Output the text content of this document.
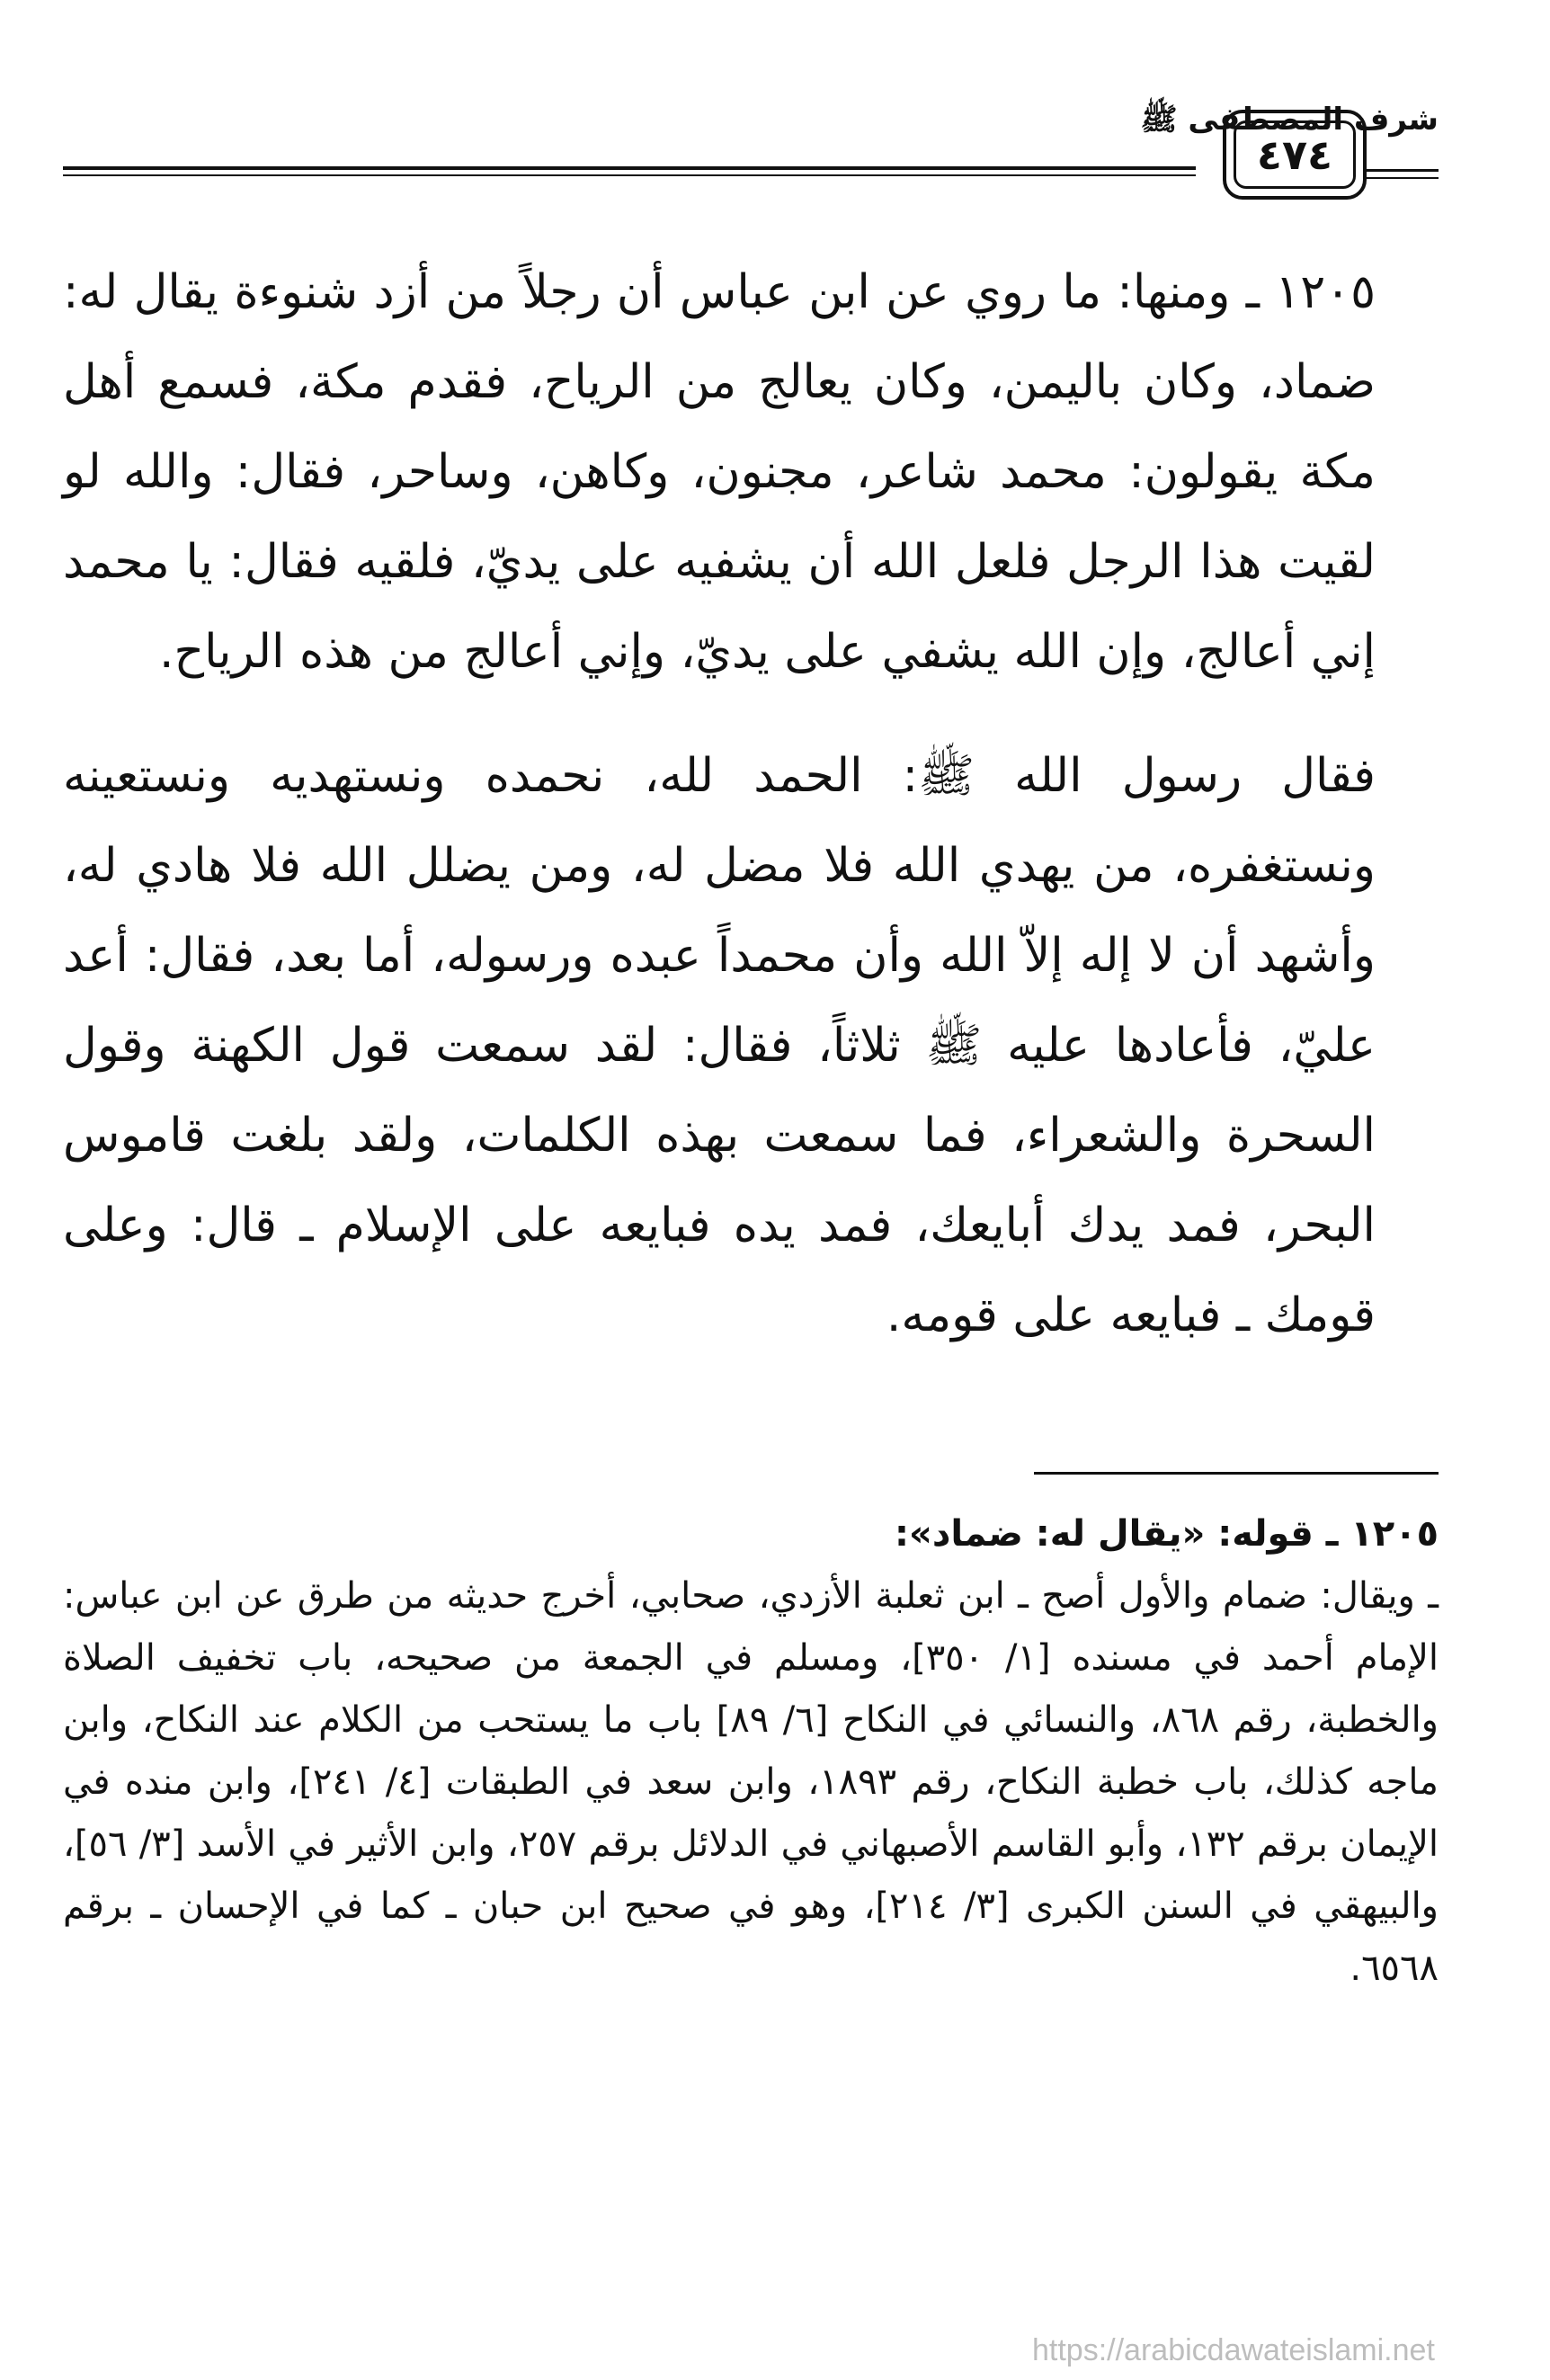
شرف المصطفى ﷺ
٤٧٤

١٢٠٥ ـ ومنها: ما روي عن ابن عباس أن رجلاً من أزد شنوءة يقال له: ضماد، وكان باليمن، وكان يعالج من الرياح، فقدم مكة، فسمع أهل مكة يقولون: محمد شاعر، مجنون، وكاهن، وساحر، فقال: والله لو لقيت هذا الرجل فلعل الله أن يشفيه على يديّ، فلقيه فقال: يا محمد إني أعالج، وإن الله يشفي على يديّ، وإني أعالج من هذه الرياح.

فقال رسول الله ﷺ: الحمد لله، نحمده ونستهديه ونستعينه ونستغفره، من يهدي الله فلا مضل له، ومن يضلل الله فلا هادي له، وأشهد أن لا إله إلاّ الله وأن محمداً عبده ورسوله، أما بعد، فقال: أعد عليّ، فأعادها عليه ﷺ ثلاثاً، فقال: لقد سمعت قول الكهنة وقول السحرة والشعراء، فما سمعت بهذه الكلمات، ولقد بلغت قاموس البحر، فمد يدك أبايعك، فمد يده فبايعه على الإسلام ـ قال: وعلى قومك ـ فبايعه على قومه.

١٢٠٥ ـ قوله: «يقال له: ضماد»:

ـ ويقال: ضمام والأول أصح ـ ابن ثعلبة الأزدي، صحابي، أخرج حديثه من طرق عن ابن عباس: الإمام أحمد في مسنده [١/ ٣٥٠]، ومسلم في الجمعة من صحيحه، باب تخفيف الصلاة والخطبة، رقم ٨٦٨، والنسائي في النكاح [٦/ ٨٩] باب ما يستحب من الكلام عند النكاح، وابن ماجه كذلك، باب خطبة النكاح، رقم ١٨٩٣، وابن سعد في الطبقات [٤/ ٢٤١]، وابن منده في الإيمان برقم ١٣٢، وأبو القاسم الأصبهاني في الدلائل برقم ٢٥٧، وابن الأثير في الأسد [٣/ ٥٦]، والبيهقي في السنن الكبرى [٣/ ٢١٤]، وهو في صحيح ابن حبان ـ كما في الإحسان ـ برقم ٦٥٦٨.

https://arabicdawateislami.net
